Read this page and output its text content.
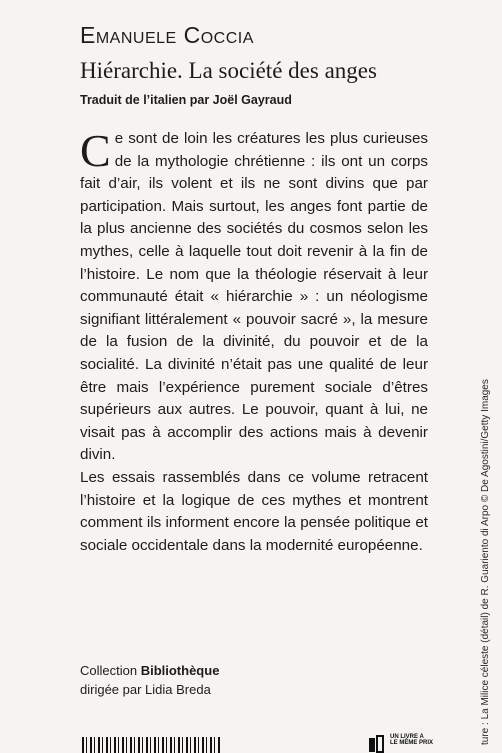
Emanuele Coccia
Hiérarchie. La société des anges
Traduit de l’italien par Joël Gayraud

Ce sont de loin les créatures les plus curieuses de la mythologie chrétienne : ils ont un corps fait d’air, ils volent et ils ne sont divins que par participation. Mais surtout, les anges font partie de la plus ancienne des sociétés du cosmos selon les mythes, celle à laquelle tout doit revenir à la fin de l’histoire. Le nom que la théologie réservait à leur communauté était « hiérarchie » : un néologisme signifiant littéralement « pouvoir sacré », la mesure de la fusion de la divinité, du pouvoir et de la socialité. La divinité n’était pas une qualité de leur être mais l’expérience purement sociale d’êtres supérieurs aux autres. Le pouvoir, quant à lui, ne visait pas à accomplir des actions mais à devenir divin.

Les essais rassemblés dans ce volume retracent l’histoire et la logique de ces mythes et montrent comment ils informent encore la pensée politique et sociale occidentale dans la modernité européenne.	ture : La Milice céleste (détail) de R. Guariento di Arpo © De Agostini/Getty Images
Collection Bibliothèque
dirigée par Lidia Breda
UN LIVRE A
LE MÊME PRIX
